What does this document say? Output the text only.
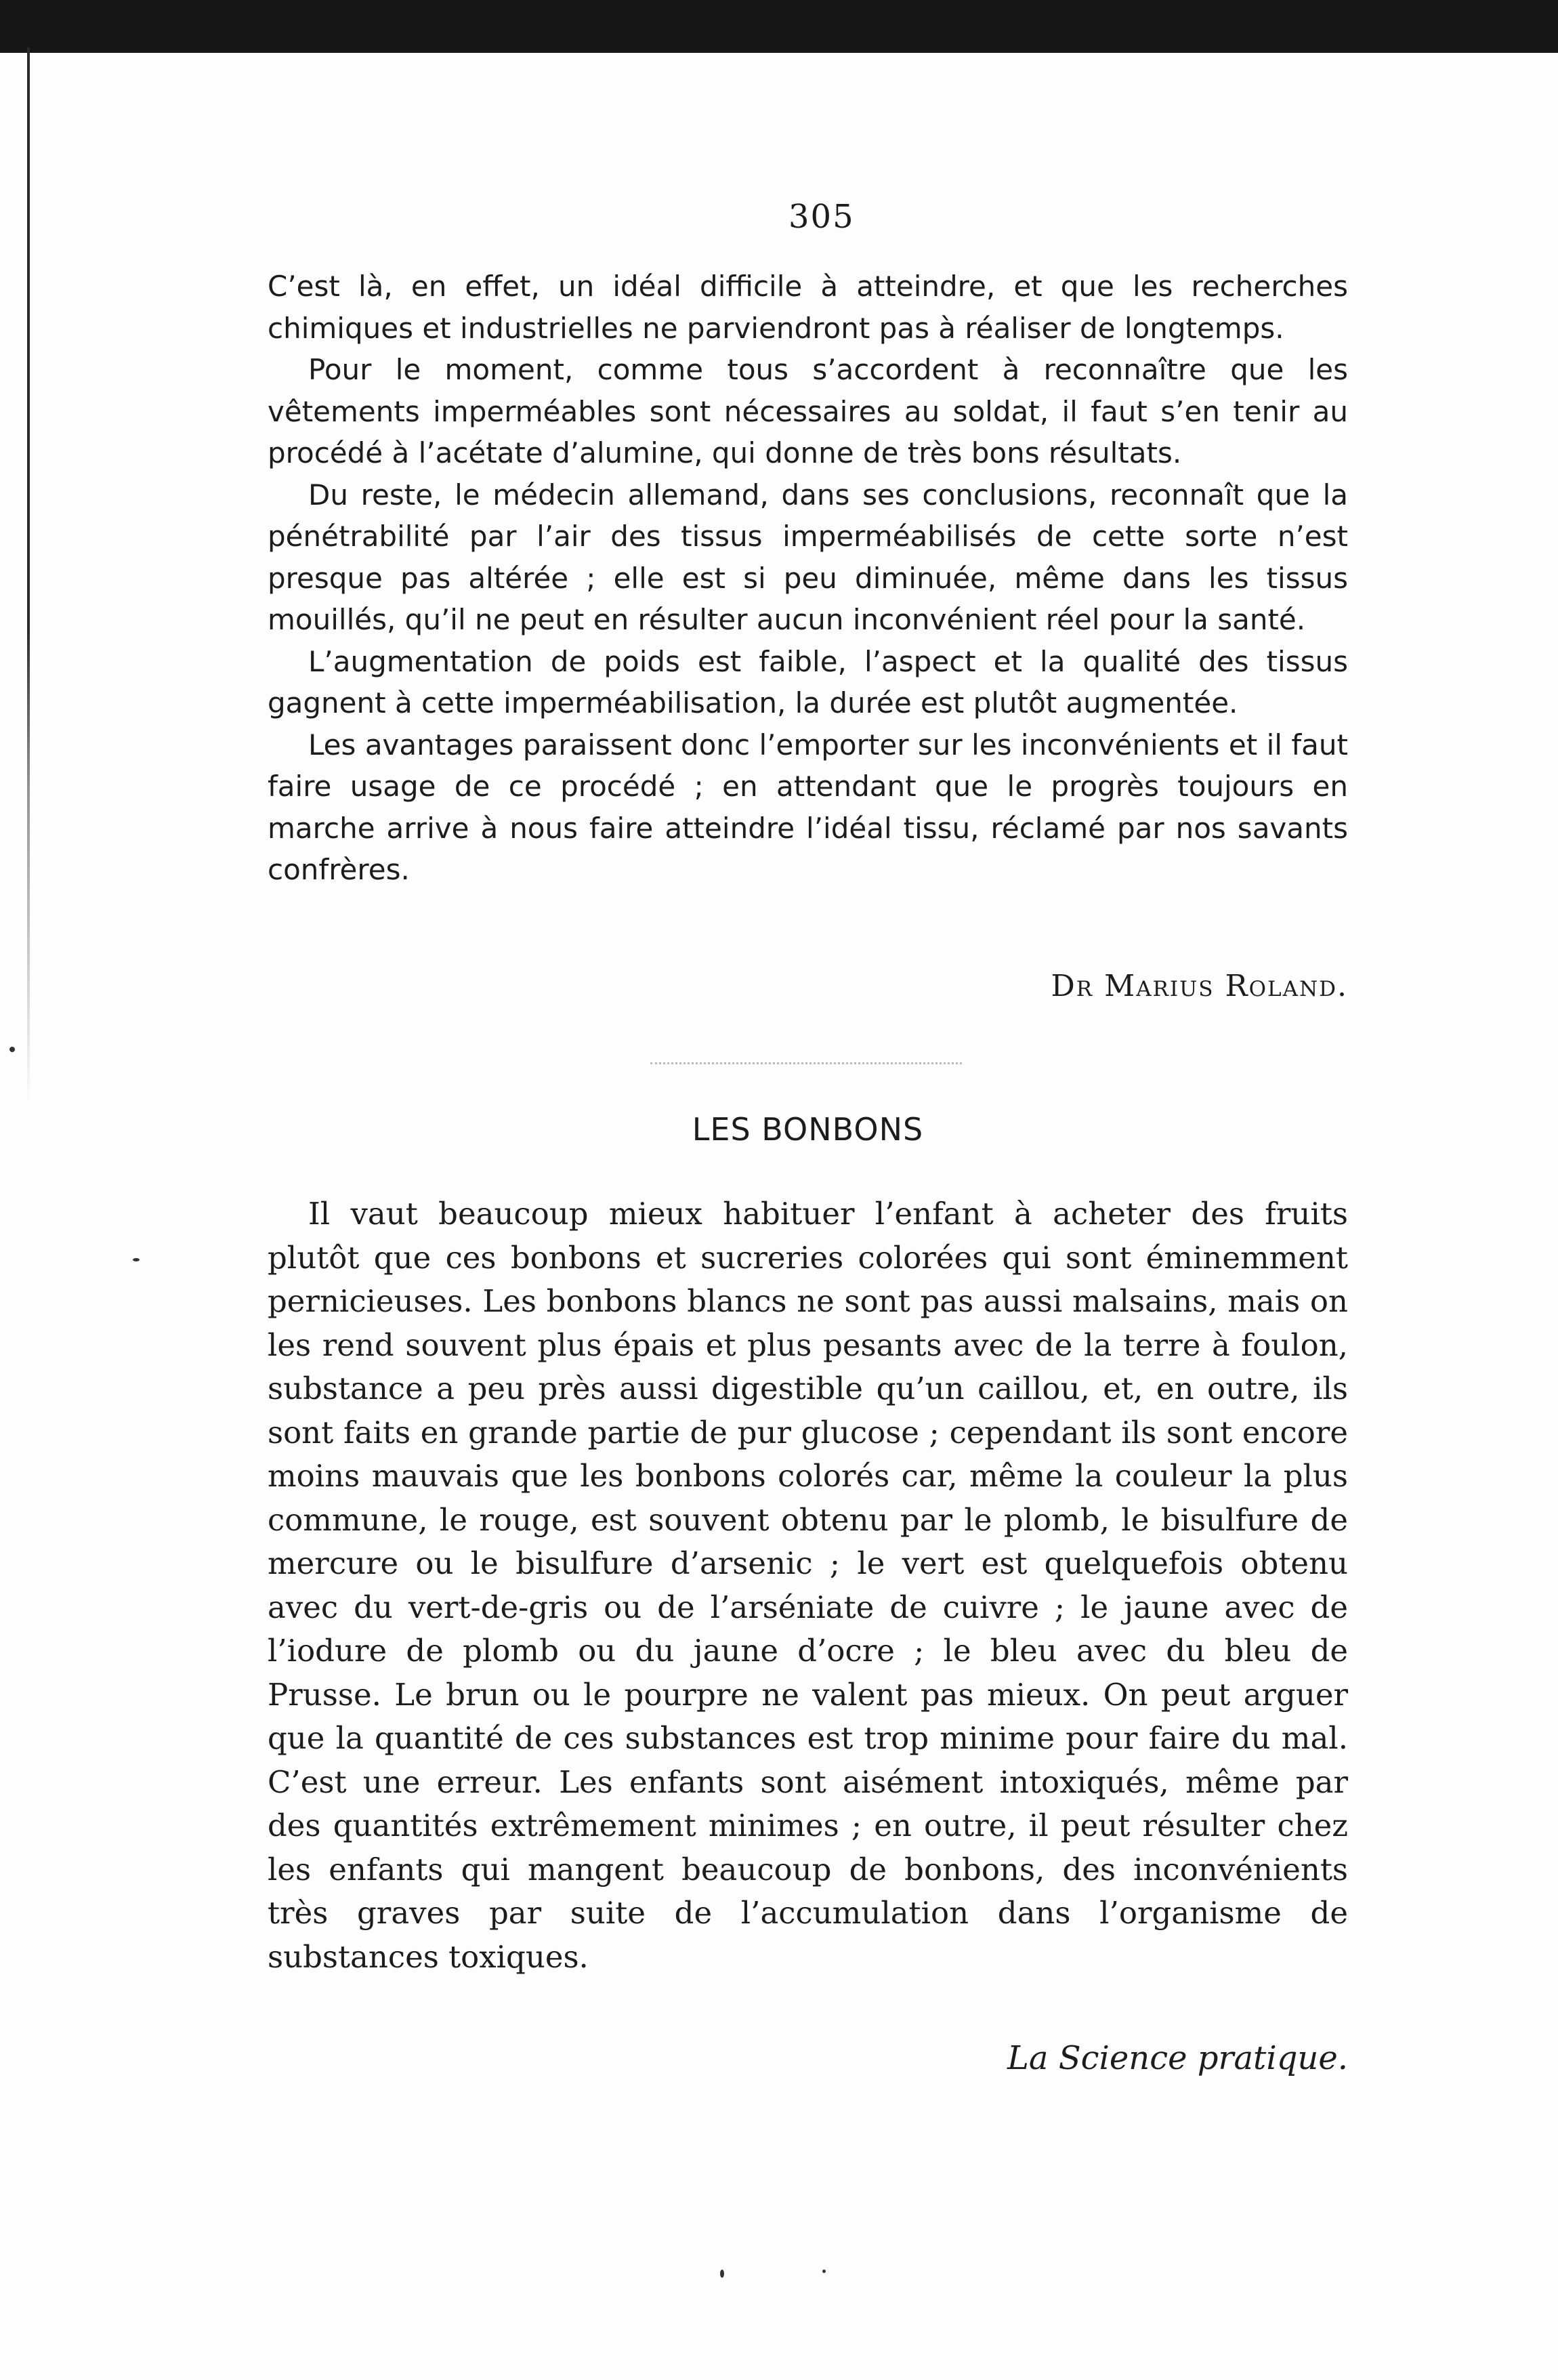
305

C’est là, en effet, un idéal difficile à atteindre, et que les recherches chimiques et industrielles ne parviendront pas à réaliser de longtemps.

Pour le moment, comme tous s’accordent à reconnaître que les vêtements imperméables sont nécessaires au soldat, il faut s’en tenir au procédé à l’acétate d’alumine, qui donne de très bons résultats.

Du reste, le médecin allemand, dans ses conclusions, reconnaît que la pénétrabilité par l’air des tissus imperméabilisés de cette sorte n’est presque pas altérée ; elle est si peu diminuée, même dans les tissus mouillés, qu’il ne peut en résulter aucun inconvénient réel pour la santé.

L’augmentation de poids est faible, l’aspect et la qualité des tissus gagnent à cette imperméabilisation, la durée est plutôt augmentée.

Les avantages paraissent donc l’emporter sur les inconvénients et il faut faire usage de ce procédé ; en attendant que le progrès toujours en marche arrive à nous faire atteindre l’idéal tissu, réclamé par nos savants confrères.

Dr Marius Roland.
LES BONBONS

Il vaut beaucoup mieux habituer l’enfant à acheter des fruits plutôt que ces bonbons et sucreries colorées qui sont éminemment pernicieuses. Les bonbons blancs ne sont pas aussi malsains, mais on les rend souvent plus épais et plus pesants avec de la terre à foulon, substance a peu près aussi digestible qu’un caillou, et, en outre, ils sont faits en grande partie de pur glucose ; cependant ils sont encore moins mauvais que les bonbons colorés car, même la couleur la plus commune, le rouge, est souvent obtenu par le plomb, le bisulfure de mercure ou le bisulfure d’arsenic ; le vert est quelquefois obtenu avec du vert-de-gris ou de l’arséniate de cuivre ; le jaune avec de l’iodure de plomb ou du jaune d’ocre ; le bleu avec du bleu de Prusse. Le brun ou le pourpre ne valent pas mieux. On peut arguer que la quantité de ces substances est trop minime pour faire du mal. C’est une erreur. Les enfants sont aisément intoxiqués, même par des quantités extrêmement minimes ; en outre, il peut résulter chez les enfants qui mangent beaucoup de bonbons, des inconvénients très graves par suite de l’accumulation dans l’organisme de substances toxiques.

La Science pratique.
